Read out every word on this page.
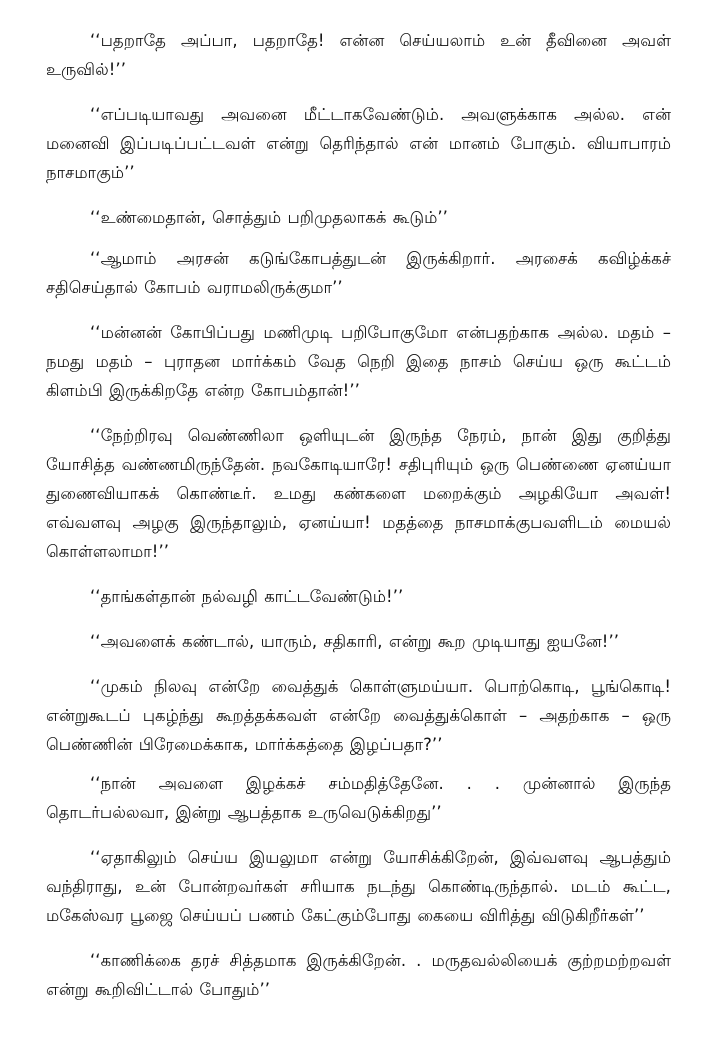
‘‘பதறாதே அப்பா, பதறாதே! என்ன செய்யலாம் உன் தீவினை அவள் உருவில்!’’

‘‘எப்படியாவது அவனை மீட்டாகவேண்டும். அவளுக்காக அல்ல. என் மனைவி இப்படிப்பட்டவள் என்று தெரிந்தால் என் மானம் போகும். வியாபாரம் நாசமாகும்’’

‘‘உண்மைதான், சொத்தும் பறிமுதலாகக் கூடும்’’

‘‘ஆமாம் அரசன் கடுங்கோபத்துடன் இருக்கிறார். அரசைக் கவிழ்க்கச் சதிசெய்தால் கோபம் வராமலிருக்குமா’’

‘‘மன்னன் கோபிப்பது மணிமுடி பறிபோகுமோ என்பதற்காக அல்ல. மதம் – நமது மதம் – புராதன மார்க்கம் வேத நெறி இதை நாசம் செய்ய ஒரு கூட்டம் கிளம்பி இருக்கிறதே என்ற கோபம்தான்!’’

‘‘நேற்றிரவு வெண்ணிலா ஒளியுடன் இருந்த நேரம், நான் இது குறித்து யோசித்த வண்ணமிருந்தேன். நவகோடியாரே! சதிபுரியும் ஒரு பெண்ணை ஏனய்யா துணைவியாகக் கொண்டீர். உமது கண்களை மறைக்கும் அழகியோ அவள்! எவ்வளவு அழகு இருந்தாலும், ஏனய்யா! மதத்தை நாசமாக்குபவளிடம் மையல் கொள்ளலாமா!’’

‘‘தாங்கள்தான் நல்வழி காட்டவேண்டும்!’’

‘‘அவளைக் கண்டால், யாரும், சதிகாரி, என்று கூற முடியாது ஐயனே!’’

‘‘முகம் நிலவு என்றே வைத்துக் கொள்ளுமய்யா. பொற்கொடி, பூங்கொடி! என்றுகூடப் புகழ்ந்து கூறத்தக்கவள் என்றே வைத்துக்கொள் – அதற்காக – ஒரு பெண்ணின் பிரேமைக்காக, மார்க்கத்தை இழப்பதா?’’

‘‘நான் அவளை இழக்கச் சம்மதித்தேனே. . . முன்னால் இருந்த தொடர்பல்லவா, இன்று ஆபத்தாக உருவெடுக்கிறது’’

‘‘ஏதாகிலும் செய்ய இயலுமா என்று யோசிக்கிறேன், இவ்வளவு ஆபத்தும் வந்திராது, உன் போன்றவர்கள் சரியாக நடந்து கொண்டிருந்தால். மடம் கூட்ட, மகேஸ்வர பூஜை செய்யப் பணம் கேட்கும்போது கையை விரித்து விடுகிறீர்கள்’’

‘‘காணிக்கை தரச் சித்தமாக இருக்கிறேன். . மருதவல்லியைக் குற்றமற்றவள் என்று கூறிவிட்டால் போதும்’’
